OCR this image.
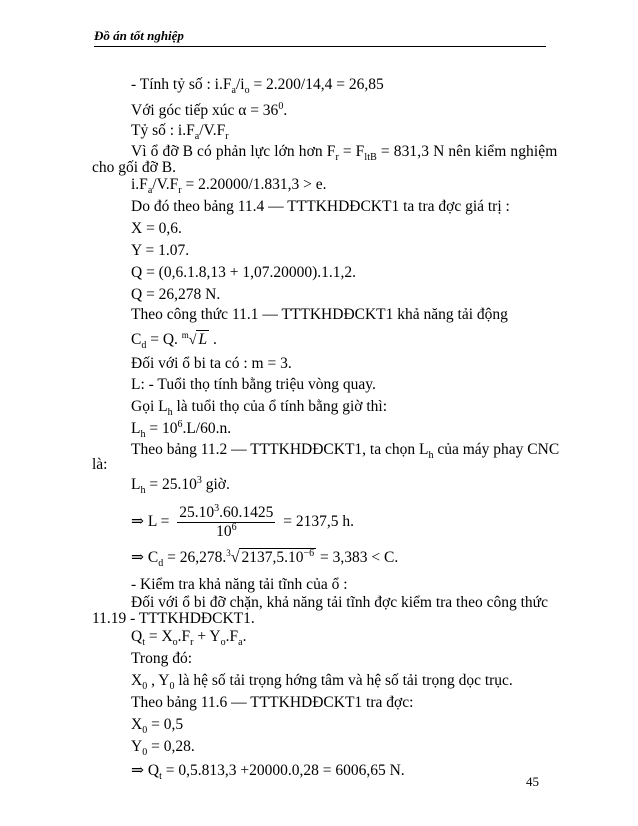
Đồ án tốt nghiệp
- Tính tỷ số : $i.F_a/i_o = 2.200/14,4 = 26,85$
Với góc tiếp xúc $\alpha = 36^0$.
Tỷ số : $i.F_a/V.F_r$
Vì ổ đỡ B có phản lực lớn hơn $F_r = F_{ltB} = 831,3$ N nên kiểm nghiệm
cho gối đỡ B.
$i.F_a/V.F_r = 2.20000/1.831,3 > e$.
Do đó theo bảng 11.4 — TTTKHDĐCKT1 ta tra đợc giá trị :
X = 0,6.
Y = 1.07.
Q = (0,6.1.8,13 + 1,07.20000).1.1,2.
Q = 26,278 N.
Theo công thức 11.1 — TTTKHDĐCKT1 khả năng tải động
$C_d = Q$. $^m$√ L .
Đối với ổ bi ta có : m = 3.
L: - Tuổi thọ tính bằng triệu vòng quay.
Gọi $L_h$ là tuổi thọ của ổ tính bằng giờ thì:
$L_h = 10^6.L/60.n$.
Theo bảng 11.2 — TTTKHDĐCKT1, ta chọn $L_h$ của máy phay CNC
là:
$L_h = 25.10^3$ giờ.
⇒ $L = \frac{25.10^3.60.1425}{10^6} = 2137,5$ h.
⇒ $C_d = 26,278.^3√$ $2137,5.10^{-6} = 3,383 < C$.
- Kiểm tra khả năng tải tĩnh của ổ :
Đối với ổ bi đỡ chặn, khả năng tải tĩnh đợc kiểm tra theo công thức
11.19 - TTTKHDĐCKT1.
$Q_t = X_o.F_r + Y_o.F_a$.
Trong đó:
$X_0$ , $Y_0$ là hệ số tải trọng hớng tâm và hệ số tải trọng dọc trục.
Theo bảng 11.6 — TTTKHDĐCKT1 tra đợc:
$X_0 = 0,5$
$Y_0 = 0,28$.
⇒ $Q_t = 0,5.813,3 +20000.0,28 = 6006,65$ N.
45
